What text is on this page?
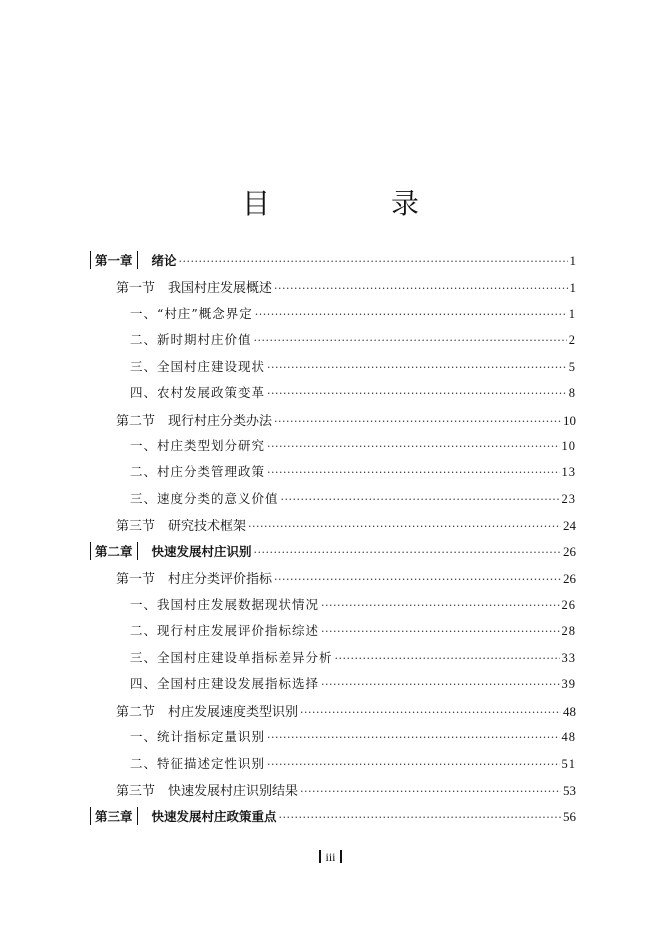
目 录
第一章 绪论 ·····	1
第一节　我国村庄发展概述 ·····	1
一、“村庄”概念界定 ·····	1
二、新时期村庄价值 ·····	2
三、全国村庄建设现状 ·····	5
四、农村发展政策变革 ·····	8
第二节　现行村庄分类办法 ·····	10
一、村庄类型划分研究 ·····	10
二、村庄分类管理政策 ·····	13
三、速度分类的意义价值 ·····	23
第三节　研究技术框架 ·····	24
第二章 快速发展村庄识别 ·····	26
第一节　村庄分类评价指标 ·····	26
一、我国村庄发展数据现状情况 ·····	26
二、现行村庄发展评价指标综述 ·····	28
三、全国村庄建设单指标差异分析 ·····	33
四、全国村庄建设发展指标选择 ·····	39
第二节　村庄发展速度类型识别 ·····	48
一、统计指标定量识别 ·····	48
二、特征描述定性识别 ·····	51
第三节　快速发展村庄识别结果 ·····	53
第三章 快速发展村庄政策重点 ·····	56
iii
